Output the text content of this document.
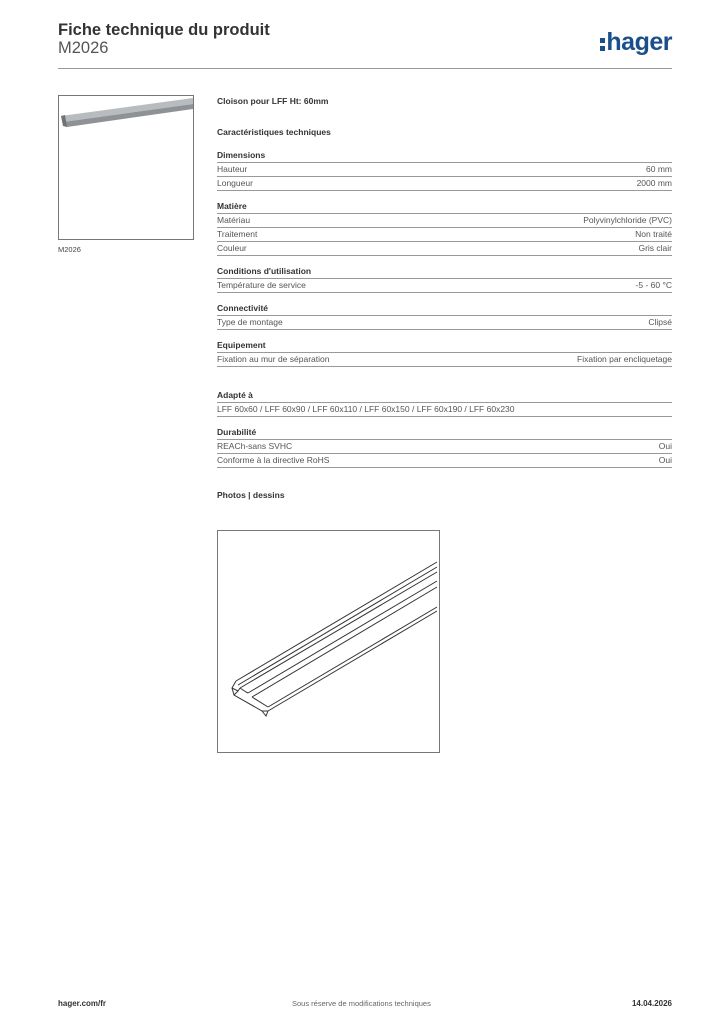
Fiche technique du produit
M2026	hager
M2026
Cloison pour LFF Ht: 60mm
Caractéristiques techniques
Dimensions
Hauteur	60 mm
Longueur	2000 mm
Matière
Matériau	Polyvinylchloride (PVC)
Traitement	Non traité
Couleur	Gris clair
Conditions d'utilisation
Température de service	-5 - 60 °C
Connectivité
Type de montage	Clipsé
Equipement
Fixation au mur de séparation	Fixation par encliquetage
Adapté à
LFF 60x60 / LFF 60x90 / LFF 60x110 / LFF 60x150 / LFF 60x190 / LFF 60x230
Durabilité
REACh-sans SVHC	Oui
Conforme à la directive RoHS	Oui
Photos | dessins
hager.com/fr	Sous réserve de modifications techniques	14.04.2026
